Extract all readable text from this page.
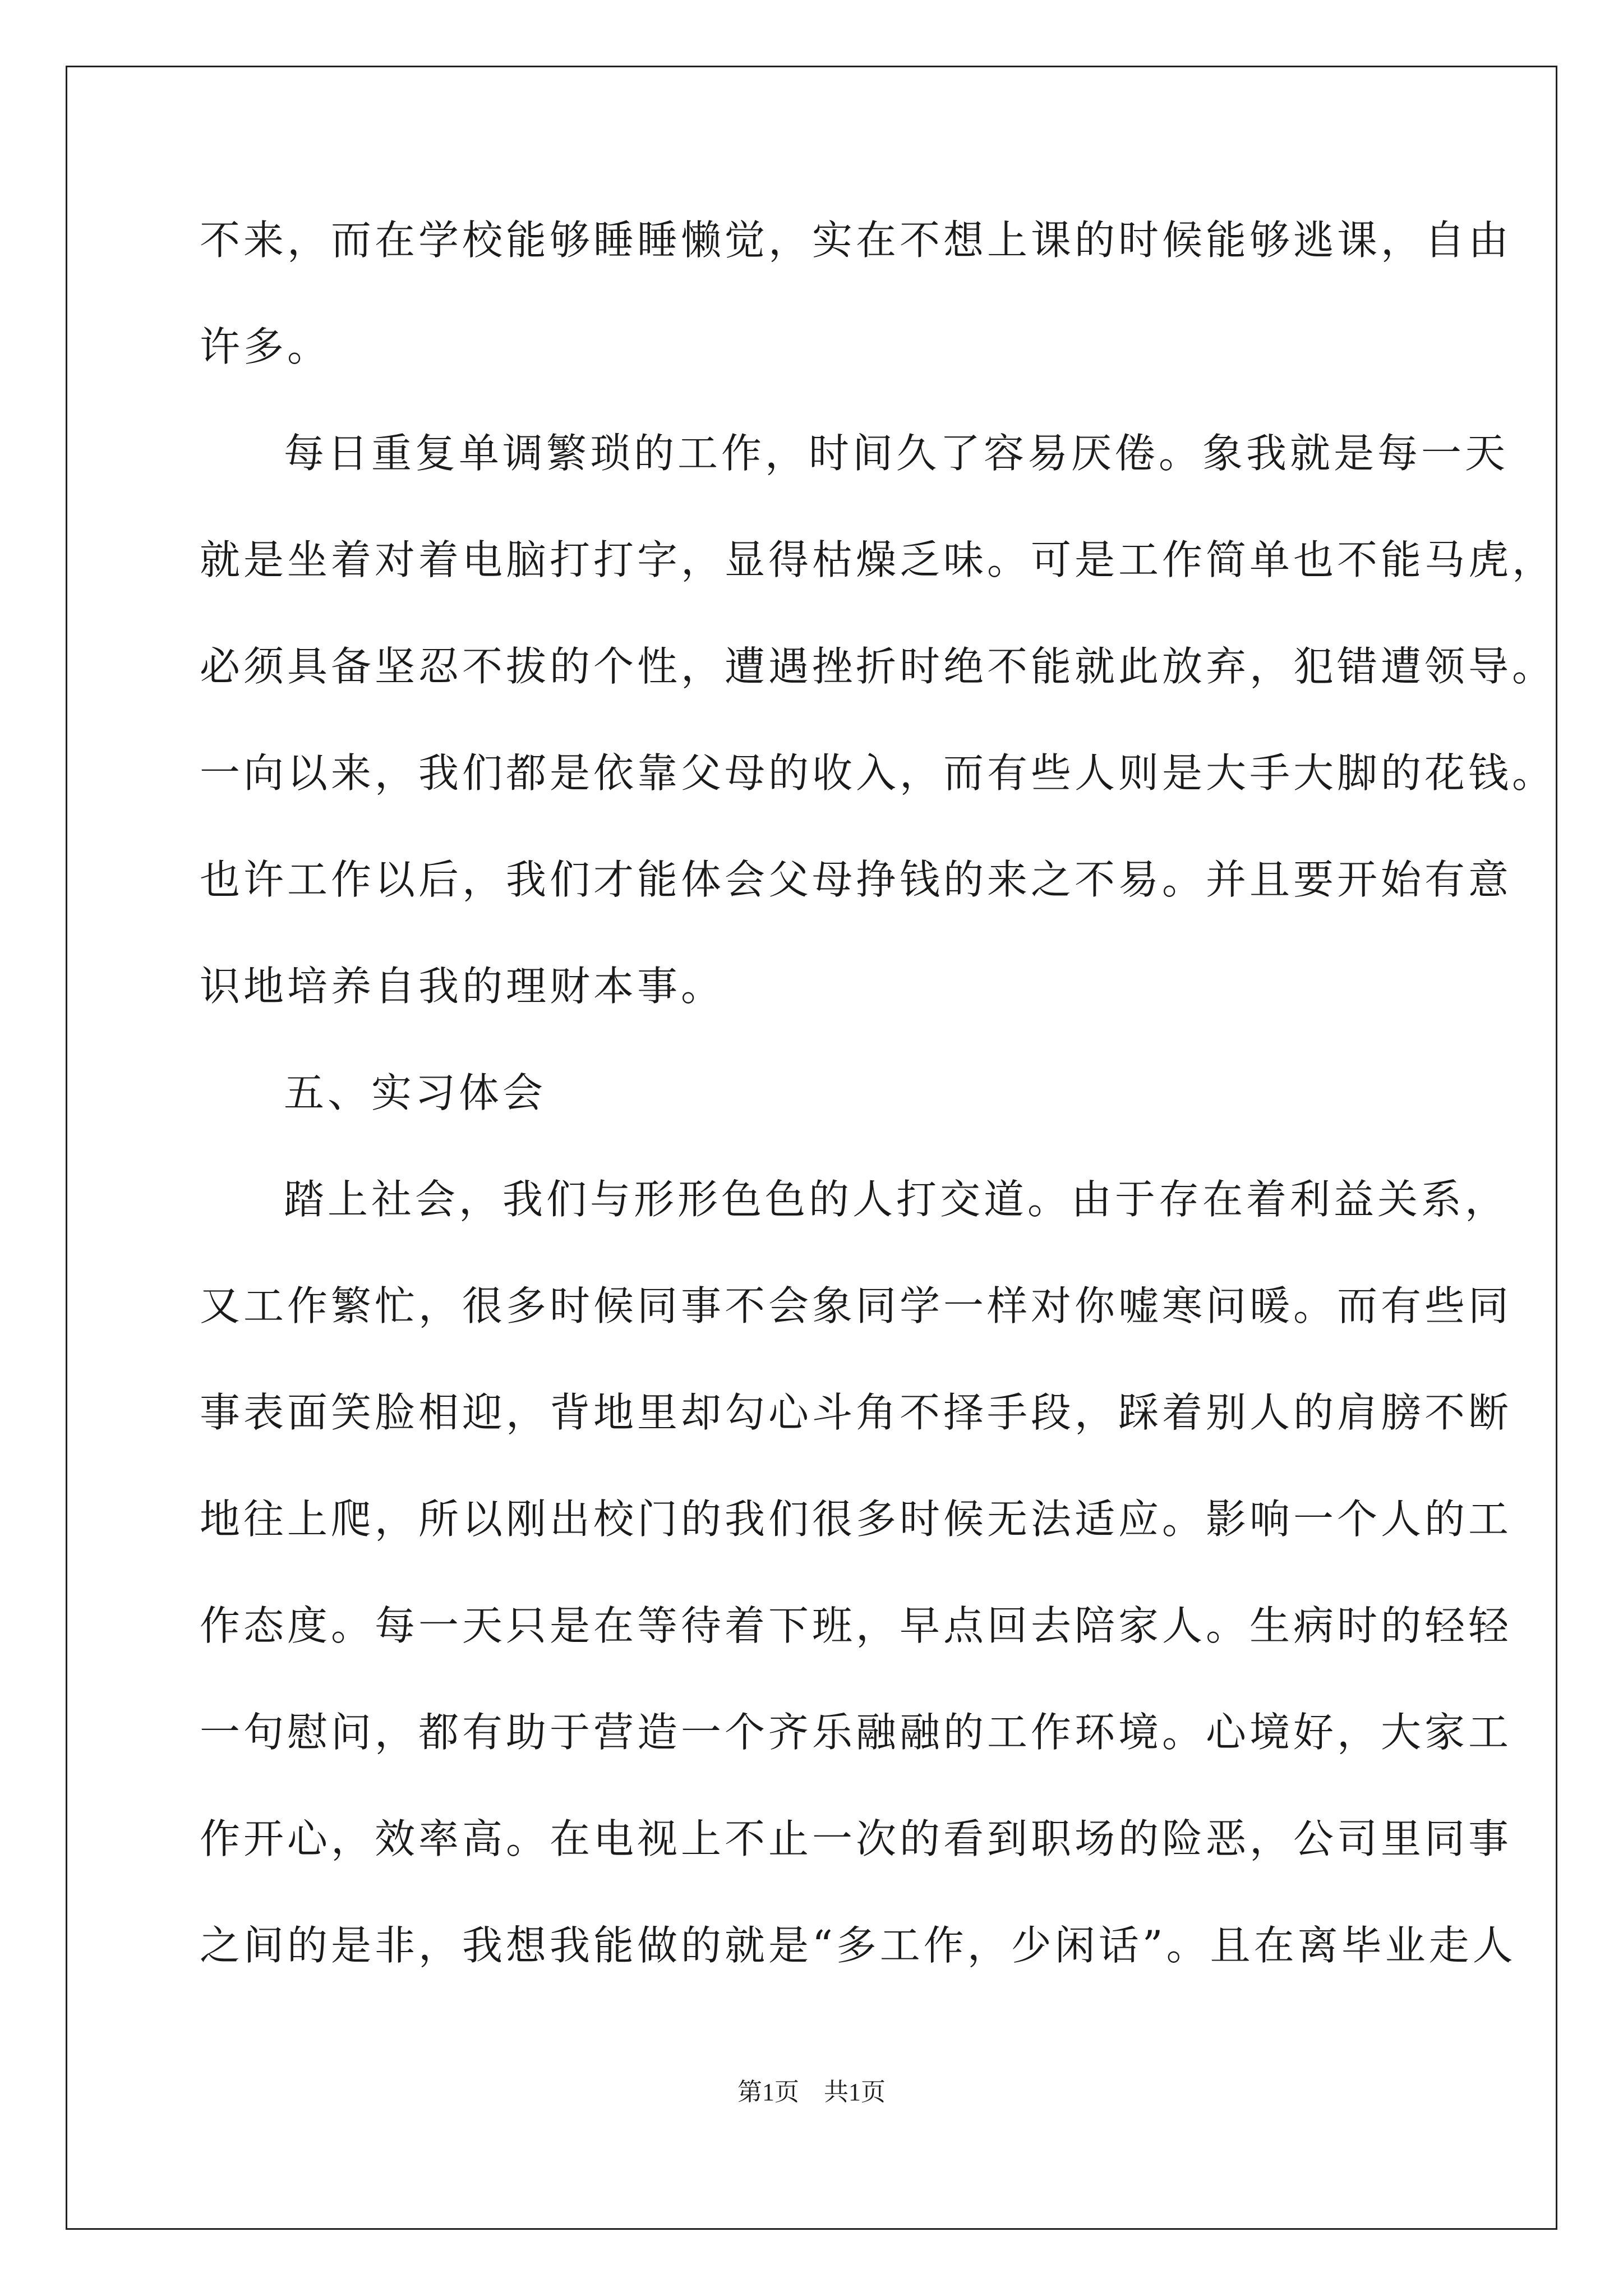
不来，而在学校能够睡睡懒觉，实在不想上课的时候能够逃课，自由
许多。
每日重复单调繁琐的工作，时间久了容易厌倦。象我就是每一天
就是坐着对着电脑打打字，显得枯燥乏味。可是工作简单也不能马虎，
必须具备坚忍不拔的个性，遭遇挫折时绝不能就此放弃，犯错遭领导。
一向以来，我们都是依靠父母的收入，而有些人则是大手大脚的花钱。
也许工作以后，我们才能体会父母挣钱的来之不易。并且要开始有意
识地培养自我的理财本事。
五、实习体会
踏上社会，我们与形形色色的人打交道。由于存在着利益关系，
又工作繁忙，很多时候同事不会象同学一样对你嘘寒问暖。而有些同
事表面笑脸相迎，背地里却勾心斗角不择手段，踩着别人的肩膀不断
地往上爬，所以刚出校门的我们很多时候无法适应。影响一个人的工
作态度。每一天只是在等待着下班，早点回去陪家人。生病时的轻轻
一句慰问，都有助于营造一个齐乐融融的工作环境。心境好，大家工
作开心，效率高。在电视上不止一次的看到职场的险恶，公司里同事
之间的是非，我想我能做的就是“多工作，少闲话”。且在离毕业走人
第1页　共1页
